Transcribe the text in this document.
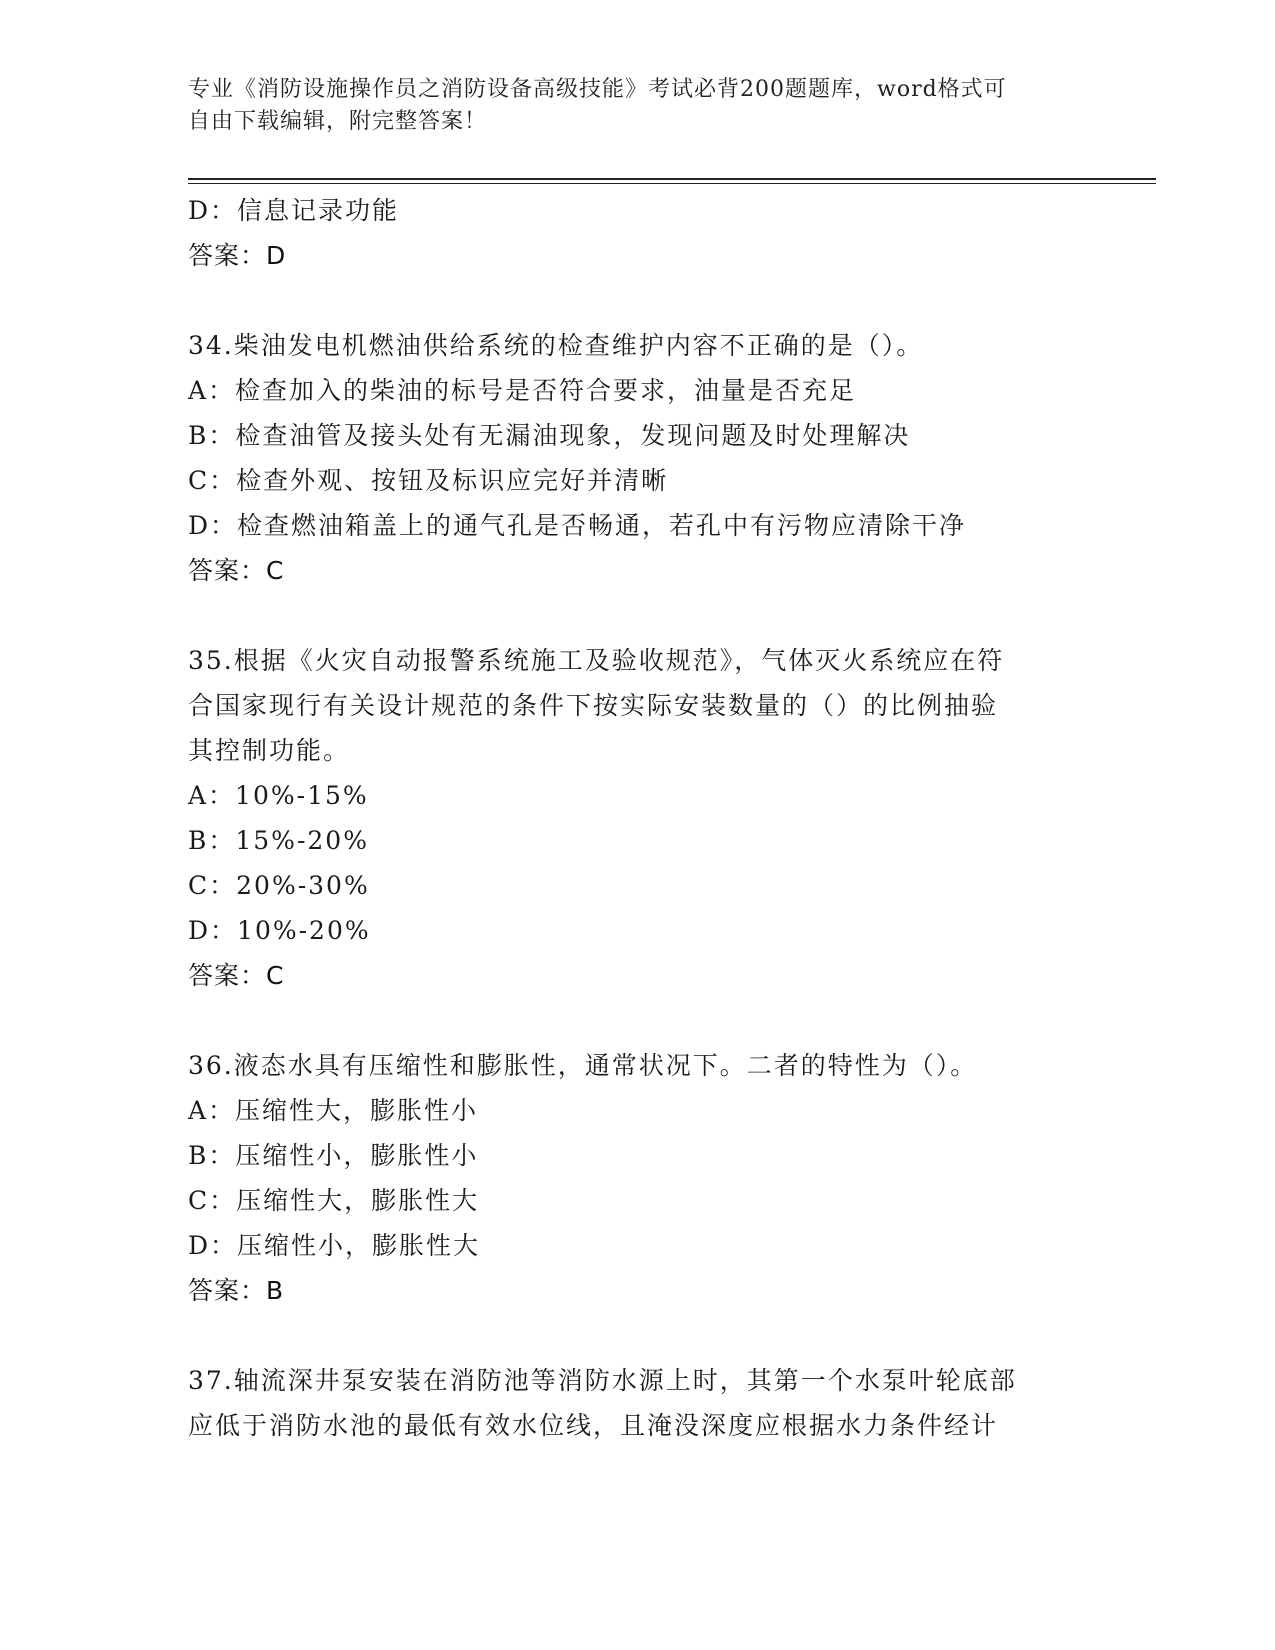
专业《消防设施操作员之消防设备高级技能》考试必背200题题库，word格式可
自由下载编辑，附完整答案！
D：信息记录功能
答案：D
34.柴油发电机燃油供给系统的检查维护内容不正确的是（）。
A：检查加入的柴油的标号是否符合要求，油量是否充足
B：检查油管及接头处有无漏油现象，发现问题及时处理解决
C：检查外观、按钮及标识应完好并清晰
D：检查燃油箱盖上的通气孔是否畅通，若孔中有污物应清除干净
答案：C
35.根据《火灾自动报警系统施工及验收规范》，气体灭火系统应在符
合国家现行有关设计规范的条件下按实际安装数量的（）的比例抽验
其控制功能。
A：10%-15%
B：15%-20%
C：20%-30%
D：10%-20%
答案：C
36.液态水具有压缩性和膨胀性，通常状况下。二者的特性为（）。
A：压缩性大，膨胀性小
B：压缩性小，膨胀性小
C：压缩性大，膨胀性大
D：压缩性小，膨胀性大
答案：B
37.轴流深井泵安装在消防池等消防水源上时，其第一个水泵叶轮底部
应低于消防水池的最低有效水位线，且淹没深度应根据水力条件经计
